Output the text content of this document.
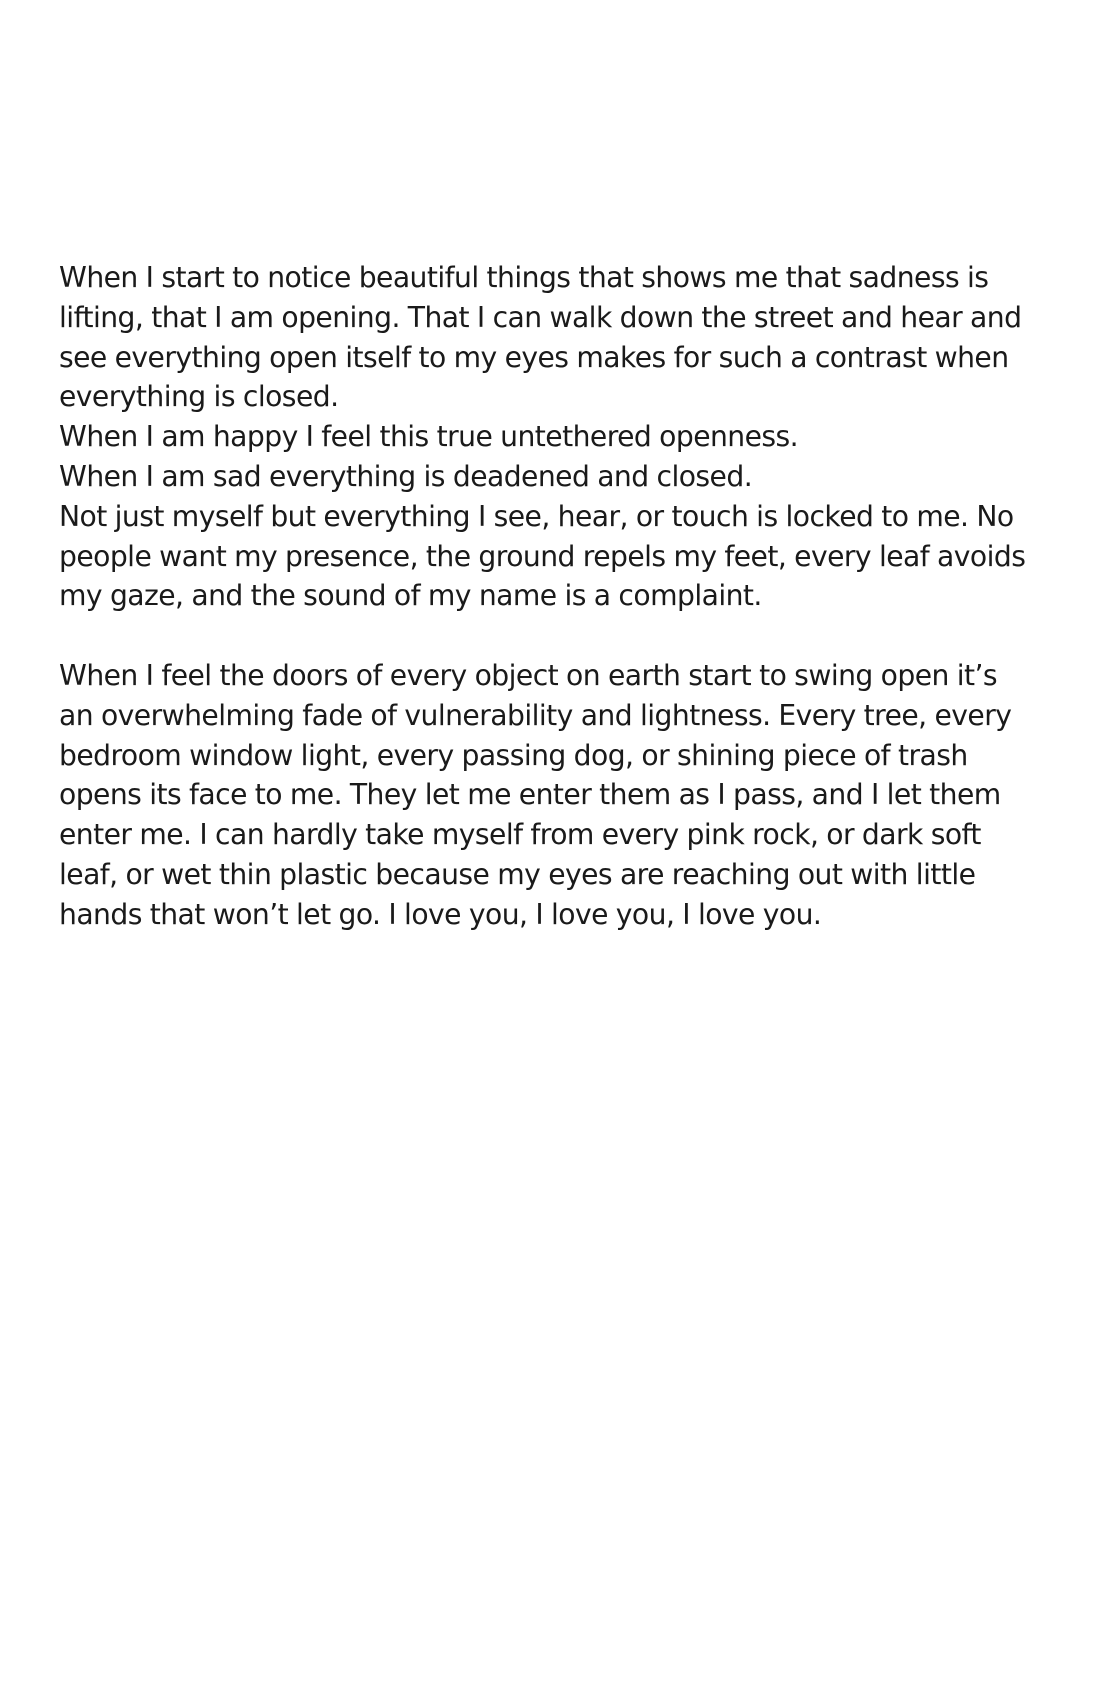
When I start to notice beautiful things that shows me that sadness is
lifting, that I am opening. That I can walk down the street and hear and
see everything open itself to my eyes makes for such a contrast when
everything is closed.
When I am happy I feel this true untethered openness.
When I am sad everything is deadened and closed.
Not just myself but everything I see, hear, or touch is locked to me. No
people want my presence, the ground repels my feet, every leaf avoids
my gaze, and the sound of my name is a complaint.
When I feel the doors of every object on earth start to swing open it’s
an overwhelming fade of vulnerability and lightness. Every tree, every
bedroom window light, every passing dog, or shining piece of trash
opens its face to me. They let me enter them as I pass, and I let them
enter me. I can hardly take myself from every pink rock, or dark soft
leaf, or wet thin plastic because my eyes are reaching out with little
hands that won’t let go. I love you, I love you, I love you.
